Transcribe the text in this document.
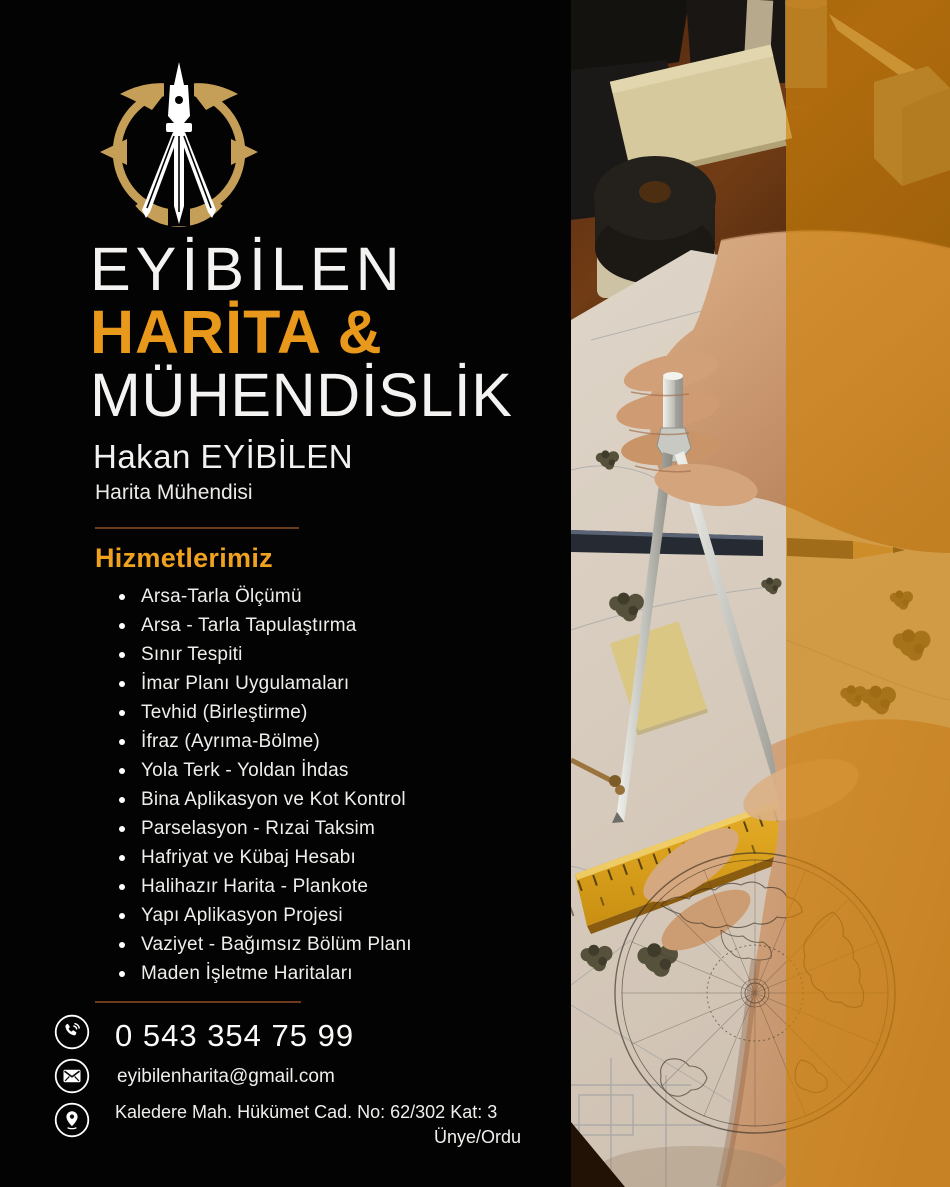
EYİBİLEN
HARİTA &
MÜHENDİSLİK
Hakan EYİBİLEN
Harita Mühendisi
Hizmetlerimiz
Arsa-Tarla Ölçümü
Arsa - Tarla Tapulaştırma
Sınır Tespiti
İmar Planı Uygulamaları
Tevhid (Birleştirme)
İfraz (Ayrıma-Bölme)
Yola Terk - Yoldan İhdas
Bina Aplikasyon ve Kot Kontrol
Parselasyon - Rızai Taksim
Hafriyat ve Kübaj Hesabı
Halihazır Harita - Plankote
Yapı Aplikasyon Projesi
Vaziyet - Bağımsız Bölüm Planı
Maden İşletme Haritaları
0 543 354 75 99
eyibilenharita@gmail.com
Kaledere Mah. Hükümet Cad. No: 62/302 Kat: 3
Ünye/Ordu
